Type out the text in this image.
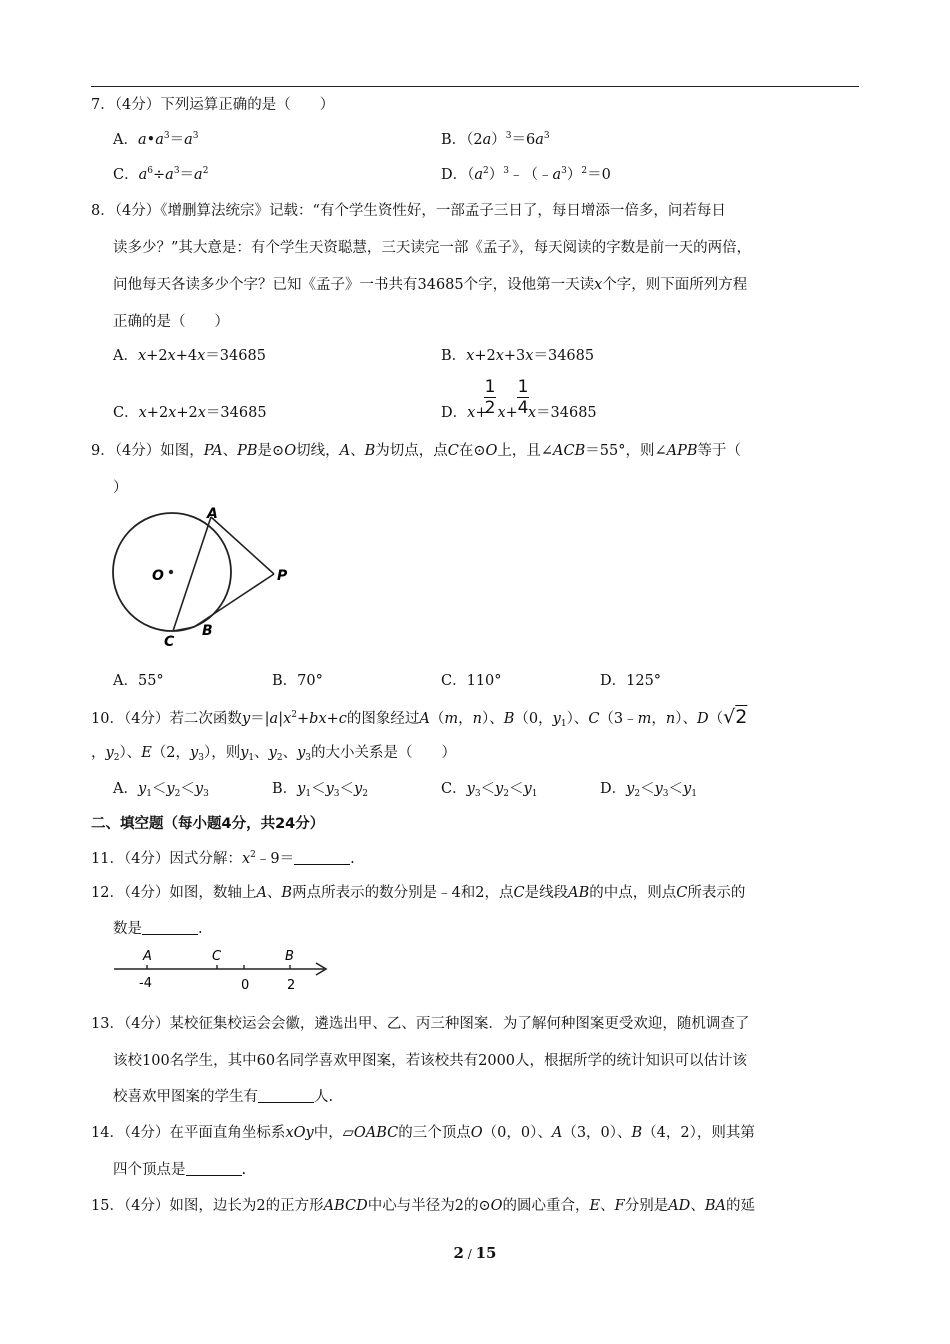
7．（4分）下列运算正确的是（　　）
A．$a•a^3=a^3$	B．$(2a)^3=6a^3$
C．$a^6\div a^3=a^2$	D．$(a^2)^3﹣(﹣a^3)^2=0$
8．（4分）《增删算法统宗》记载：“有个学生资性好，一部孟子三日了，每日增添一倍多，问若每日
读多少？”其大意是：有个学生天资聪慧，三天读完一部《孟子》，每天阅读的字数是前一天的两倍，
问他每天各读多少个字？已知《孟子》一书共有34685个字，设他第一天读x个字，则下面所列方程
正确的是（　　）
A．x+2x+4x＝34685	B．x+2x+3x＝34685
C．x+2x+2x＝34685	D．x+ x+ x＝34685
1
2
1
4
9．（4分）如图，PA、PB是⊙O切线，A、B为切点，点C在⊙O上，且∠ACB＝55°，则∠APB等于（
）
A
O	P
B
C
A．55°	B．70°	C．110°	D．125°
10．（4分）若二次函数$y=|a|x^2+bx+c$的图象经过A（m，n）、B（0，$y_1$）、C（3﹣m，n）、D（√2
，$y_2$）、E（2，$y_3$），则$y_1$、$y_2$、$y_3$的大小关系是（　　）
A．$y_1<y_2<y_3$	B．$y_1<y_3<y_2$	C．$y_3<y_2<y_1$	D．$y_2<y_3<y_1$
二、填空题（每小题4分，共24分）
11．（4分）因式分解：$x^2﹣9=$	.
12．（4分）如图，数轴上A、B两点所表示的数分别是﹣4和2，点C是线段AB的中点，则点C所表示的
数是	.
A	C	B
-4	0	2
13．（4分）某校征集校运会会徽，遴选出甲、乙、丙三种图案．为了解何种图案更受欢迎，随机调查了
该校100名学生，其中60名同学喜欢甲图案，若该校共有2000人，根据所学的统计知识可以估计该
校喜欢甲图案的学生有	人.
14．（4分）在平面直角坐标系xOy中，▱OABC的三个顶点O（0，0）、A（3，0）、B（4，2），则其第
四个顶点是	.
15．（4分）如图，边长为2的正方形ABCD中心与半径为2的⊙O的圆心重合，E、F分别是AD、BA的延
2 / 15
